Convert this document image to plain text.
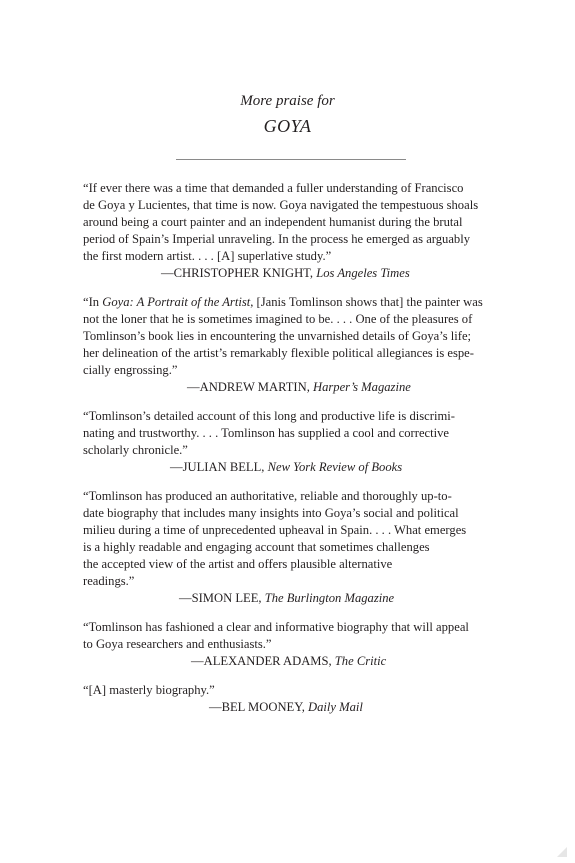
More praise for
GOYA

“If ever there was a time that demanded a fuller understanding of Francisco

de Goya y Lucientes, that time is now. Goya navigated the tempestuous shoals

around being a court painter and an independent humanist during the brutal

period of Spain’s Imperial unraveling. In the process he emerged as arguably

the first modern artist. . . . [A] superlative study.”

—CHRISTOPHER KNIGHT, Los Angeles Times

“In Goya: A Portrait of the Artist, [Janis Tomlinson shows that] the painter was

not the loner that he is sometimes imagined to be. . . . One of the pleasures of

Tomlinson’s book lies in encountering the unvarnished details of Goya’s life;

her delineation of the artist’s remarkably flexible political allegiances is espe-

cially engrossing.”

—ANDREW MARTIN, Harper’s Magazine

“Tomlinson’s detailed account of this long and productive life is discrimi-

nating and trustworthy. . . . Tomlinson has supplied a cool and corrective

scholarly chronicle.”

—JULIAN BELL, New York Review of Books

“Tomlinson has produced an authoritative, reliable and thoroughly up-to-

date biography that includes many insights into Goya’s social and political

milieu during a time of unprecedented upheaval in Spain. . . . What emerges

is a highly readable and engaging account that sometimes challenges

the accepted view of the artist and offers plausible alternative

readings.”

—SIMON LEE, The Burlington Magazine

“Tomlinson has fashioned a clear and informative biography that will appeal

to Goya researchers and enthusiasts.”

—ALEXANDER ADAMS, The Critic

“[A] masterly biography.”

—BEL MOONEY, Daily Mail
